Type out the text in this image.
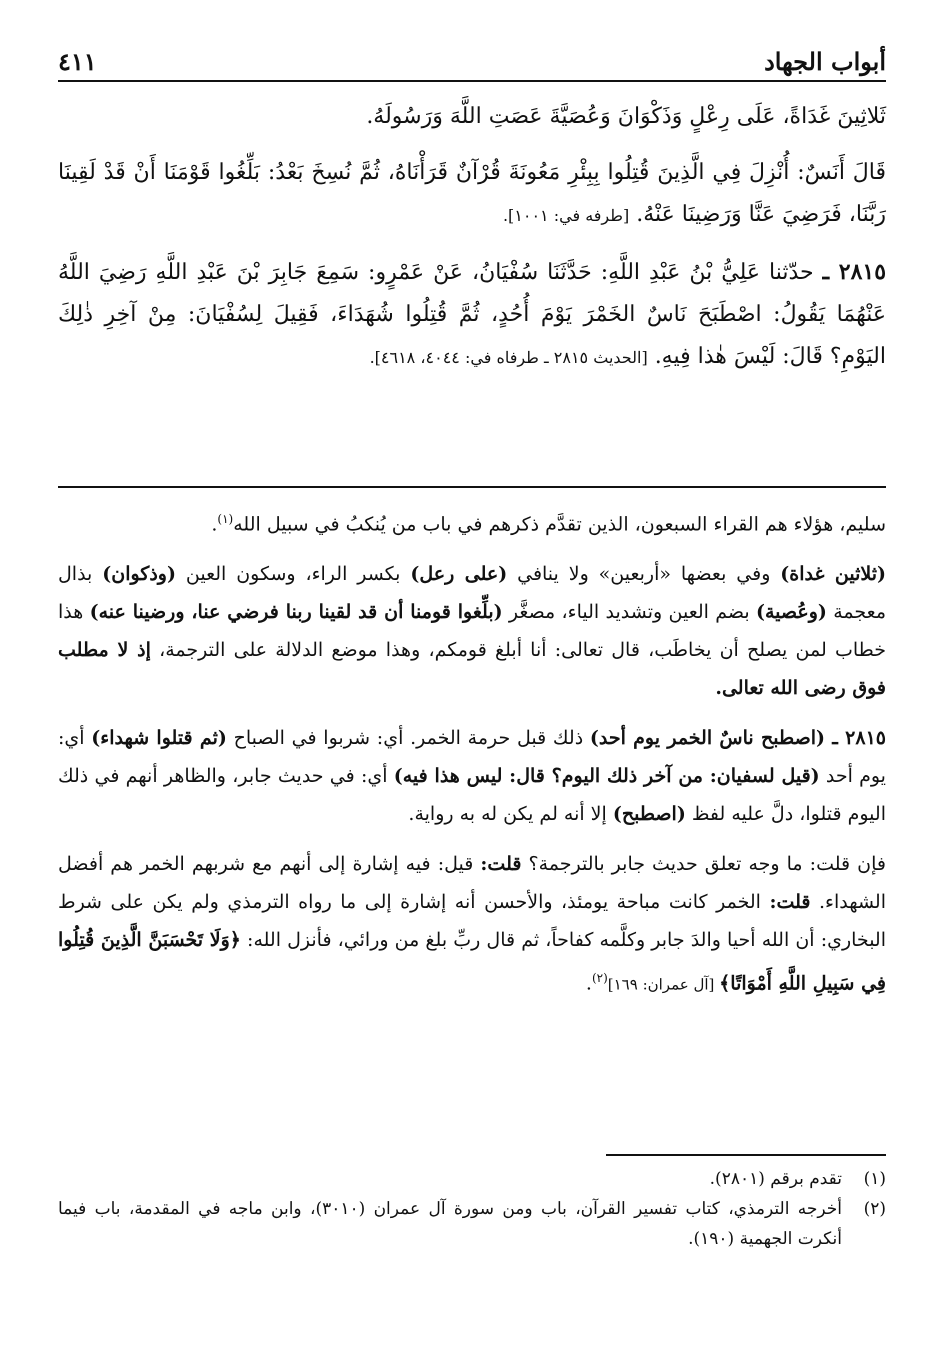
أبواب الجهاد
٤١١

ثَلاثِينَ غَدَاةً، عَلَى رِعْلٍ وَذَكْوَانَ وَعُصَيَّةَ عَصَتِ اللَّهَ وَرَسُولَهُ.

قَالَ أَنَسٌ: أُنْزِلَ فِي الَّذِينَ قُتِلُوا بِبِئْرِ مَعُونَةَ قُرْآنٌ قَرَأْنَاهُ، ثُمَّ نُسِخَ بَعْدُ: بَلِّغُوا قَوْمَنَا أَنْ قَدْ لَقِينَا رَبَّنَا، فَرَضِيَ عَنَّا وَرَضِينَا عَنْهُ. [طرفه في: ١٠٠١].

٢٨١٥ ـ حدّثنا عَلِيُّ بْنُ عَبْدِ اللَّهِ: حَدَّثَنَا سُفْيَانُ، عَنْ عَمْرٍو: سَمِعَ جَابِرَ بْنَ عَبْدِ اللَّهِ رَضِيَ اللَّهُ عَنْهُمَا يَقُولُ: اصْطَبَحَ نَاسٌ الخَمْرَ يَوْمَ أُحُدٍ، ثُمَّ قُتِلُوا شُهَدَاءَ، فَقِيلَ لِسُفْيَانَ: مِنْ آخِرِ ذٰلِكَ اليَوْمِ؟ قَالَ: لَيْسَ هٰذا فِيهِ. [الحديث ٢٨١٥ ـ طرفاه في: ٤٠٤٤، ٤٦١٨].

سليم، هؤلاء هم القراء السبعون، الذين تقدَّم ذكرهم في باب من يُنكبُ في سبيل الله$^{(١)}$.

(ثلاثين غداة) وفي بعضها «أربعين» ولا ينافي (على رعل) بكسر الراء، وسكون العين (وذكوان) بذال معجمة (وعُصية) بضم العين وتشديد الياء، مصغَّر (بلِّغوا قومنا أن قد لقينا ربنا فرضي عنا، ورضينا عنه) هذا خطاب لمن يصلح أن يخاطَب، قال تعالى: أنا أبلغ قومكم، وهذا موضع الدلالة على الترجمة، إذ لا مطلب فوق رضى الله تعالى.

٢٨١٥ ـ (اصطبح ناسٌ الخمر يوم أحد) ذلك قبل حرمة الخمر. أي: شربوا في الصباح (ثم قتلوا شهداء) أي: يوم أحد (قيل لسفيان: من آخر ذلك اليوم؟ قال: ليس هذا فيه) أي: في حديث جابر، والظاهر أنهم في ذلك اليوم قتلوا، دلَّ عليه لفظ (اصطبح) إلا أنه لم يكن له به رواية.

فإن قلت: ما وجه تعلق حديث جابر بالترجمة؟ قلت: قيل: فيه إشارة إلى أنهم مع شربهم الخمر هم أفضل الشهداء. قلت: الخمر كانت مباحة يومئذ، والأحسن أنه إشارة إلى ما رواه الترمذي ولم يكن على شرط البخاري: أن الله أحيا والدَ جابر وكلَّمه كفاحاً، ثم قال ربِّ بلغ من ورائي، فأنزل الله: ﴿وَلَا تَحْسَبَنَّ الَّذِينَ قُتِلُوا فِي سَبِيلِ اللَّهِ أَمْوَاتًا﴾ [آل عمران: ١٦٩]$^{(٢)}$.

(١)
تقدم برقم (٢٨٠١).
(٢)
أخرجه الترمذي، كتاب تفسير القرآن، باب ومن سورة آل عمران (٣٠١٠)، وابن ماجه في المقدمة، باب فيما أنكرت الجهمية (١٩٠).
